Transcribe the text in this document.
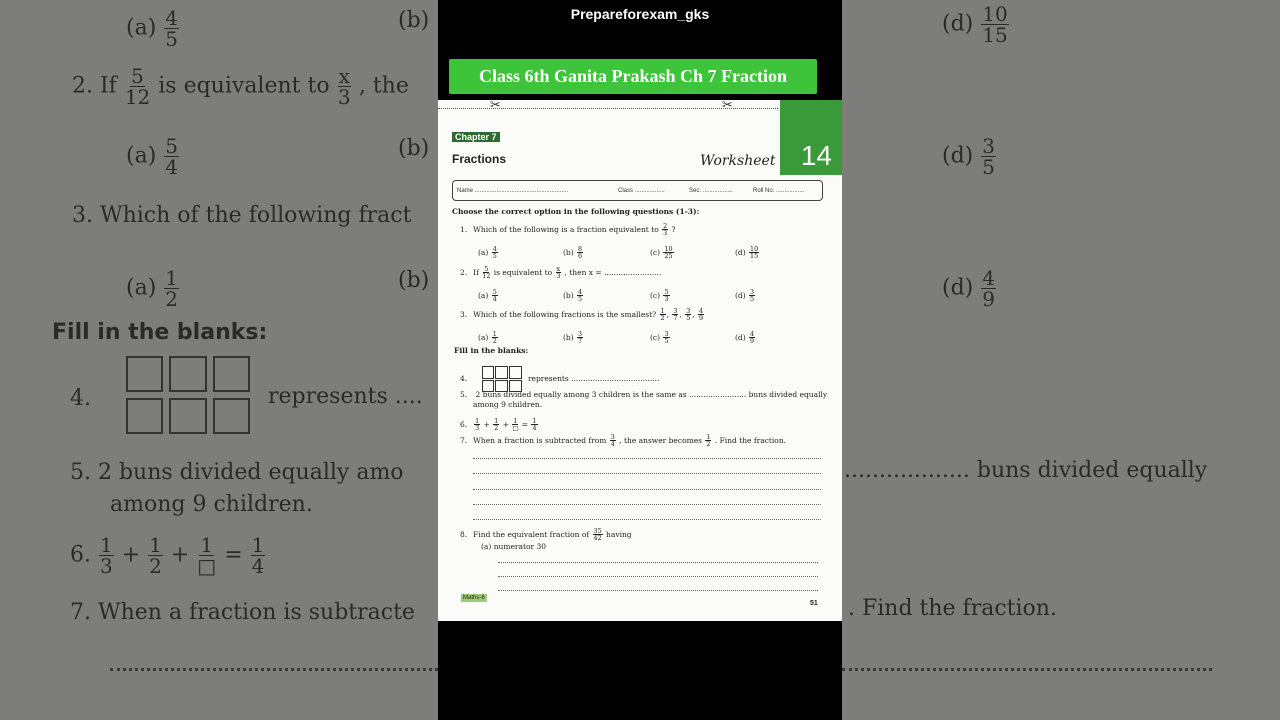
$(a) \frac{4}{5}$	(b)
2. If $\frac{5}{12}$ is equivalent to $\frac{x}{3}$ , the
$(a) \frac{5}{4}$	(b)
3. Which of the following fract
$(a) \frac{1}{2}$	(b)
Fill in the blanks:
4.	represents ....
5. 2 buns divided equally amo
among 9 children.
6. $\frac{1}{3} + \frac{1}{2} + 1$
□ = $\frac{1}{4}$
7. When a fraction is subtracte
$(d) \frac{10}{15}$
$(d) \frac{3}{5}$
$(d) \frac{4}{9}$
.................. buns divided equally
. Find the fraction.
Prepareforexam_gks
Class 6th Ganita Prakash Ch 7 Fraction
✂	✂
14
Worksheet
Chapter 7
Fractions
Name ........................................................	Class ..................	Sec. ..................	Roll No. .................
Choose the correct option in the following questions (1-3):
Fill in the blanks:
4.	represents .....................................
5. 2 buns divided equally among 3 children is the same as ........................ buns divided equally
among 9 children.
Maths-6
51
1. Which of the following is a fraction equivalent to $\frac{2}{3}$ ?
$(a) \frac{4}{5}$	$(b) \frac{8}{6}$	$(c) \frac{10}{25}$	$(d) \frac{10}{15}$
2. If $\frac{5}{12}$ is equivalent to $\frac{x}{3}$ , then x = ........................
$(a) \frac{5}{4}$	$(b) \frac{4}{5}$	$(c) \frac{5}{3}$	$(d) \frac{3}{5}$
3. Which of the following fractions is the smallest? $\frac{1}{2}$ , $\frac{3}{7}$ , $\frac{3}{5}$ , $\frac{4}{9}$
$(a) \frac{1}{2}$	$(b) \frac{3}{7}$	$(c) \frac{3}{5}$	$(d) \frac{4}{9}$
6. $\frac{1}{3} + \frac{1}{2} + 1$
□ = $\frac{1}{4}$
7. When a fraction is subtracted from $\frac{3}{4}$ , the answer becomes $\frac{1}{2}$ . Find the fraction.
8. Find the equivalent fraction of $\frac{35}{42}$ having
(a) numerator 30
